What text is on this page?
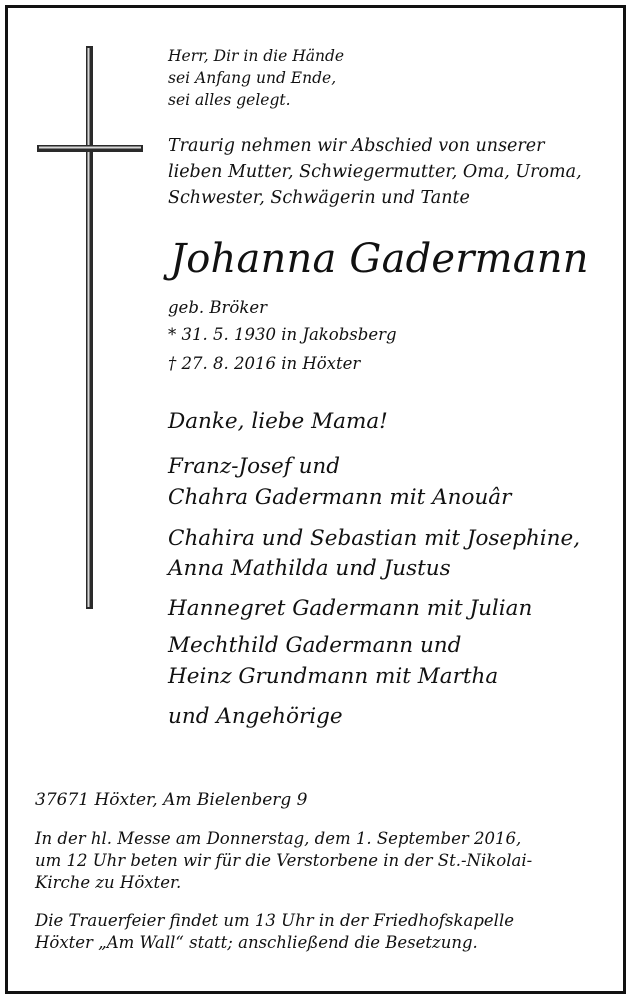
Herr, Dir in die Hände

sei Anfang und Ende,

sei alles gelegt.

Traurig nehmen wir Abschied von unserer

lieben Mutter, Schwiegermutter, Oma, Uroma,

Schwester, Schwägerin und Tante

Johanna Gadermann

geb. Bröker

* 31. 5. 1930 in Jakobsberg

† 27. 8. 2016 in Höxter

Danke, liebe Mama!

Franz-Josef und

Chahra Gadermann mit Anouâr

Chahira und Sebastian mit Josephine,

Anna Mathilda und Justus

Hannegret Gadermann mit Julian

Mechthild Gadermann und

Heinz Grundmann mit Martha

und Angehörige

37671 Höxter, Am Bielenberg 9

In der hl. Messe am Donnerstag, dem 1. September 2016,

um 12 Uhr beten wir für die Verstorbene in der St.-Nikolai-

Kirche zu Höxter.

Die Trauerfeier findet um 13 Uhr in der Friedhofskapelle

Höxter „Am Wall“ statt; anschließend die Besetzung.
